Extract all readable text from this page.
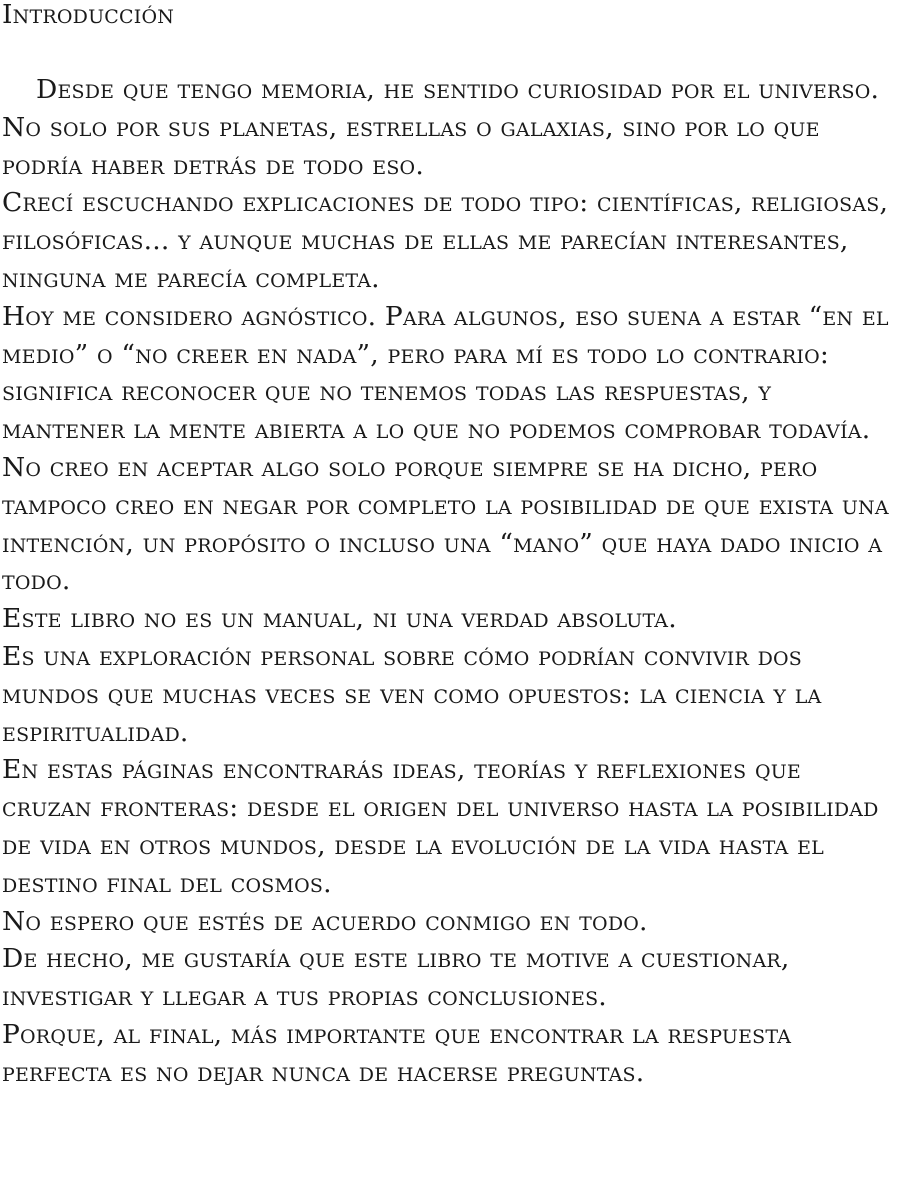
Introducción

Desde que tengo memoria, he sentido curiosidad por el universo. No solo por sus planetas, estrellas o galaxias, sino por lo que podría haber detrás de todo eso.

Crecí escuchando explicaciones de todo tipo: científicas, religiosas, filosóficas... y aunque muchas de ellas me parecían interesantes, ninguna me parecía completa.

Hoy me considero agnóstico. Para algunos, eso suena a estar “en el medio” o “no creer en nada”, pero para mí es todo lo contrario: significa reconocer que no tenemos todas las respuestas, y mantener la mente abierta a lo que no podemos comprobar todavía.

No creo en aceptar algo solo porque siempre se ha dicho, pero tampoco creo en negar por completo la posibilidad de que exista una intención, un propósito o incluso una “mano” que haya dado inicio a todo.

Este libro no es un manual, ni una verdad absoluta.

Es una exploración personal sobre cómo podrían convivir dos mundos que muchas veces se ven como opuestos: la ciencia y la espiritualidad.

En estas páginas encontrarás ideas, teorías y reflexiones que cruzan fronteras: desde el origen del universo hasta la posibilidad de vida en otros mundos, desde la evolución de la vida hasta el destino final del cosmos.

No espero que estés de acuerdo conmigo en todo.

De hecho, me gustaría que este libro te motive a cuestionar, investigar y llegar a tus propias conclusiones.

Porque, al final, más importante que encontrar la respuesta perfecta es no dejar nunca de hacerse preguntas.
